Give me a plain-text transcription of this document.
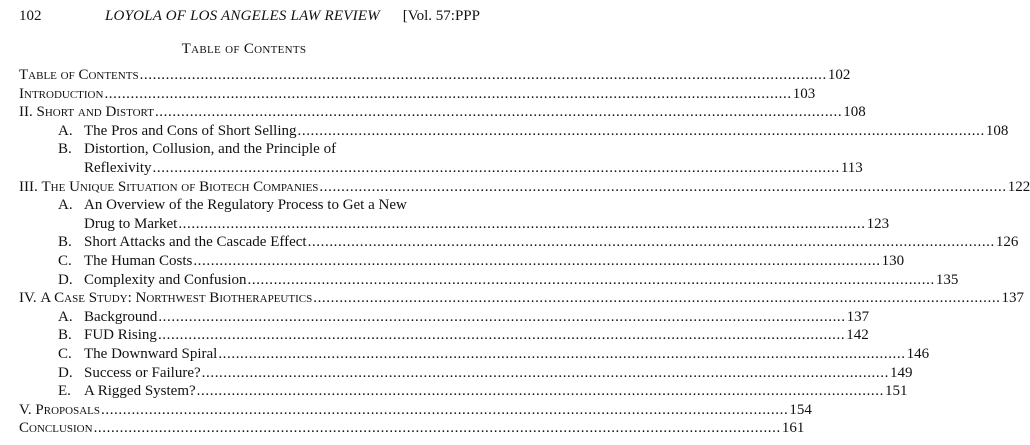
102	LOYOLA OF LOS ANGELES LAW REVIEW [Vol. 57:PPP
Table of Contents
Table of Contents .....	102
Introduction .....	103
II. Short and Distort .....	108
A. The Pros and Cons of Short Selling .....	108
B. Distortion, Collusion, and the Principle of
Reflexivity .....	113
III. The Unique Situation of Biotech Companies .....	122
A. An Overview of the Regulatory Process to Get a New
Drug to Market .....	123
B. Short Attacks and the Cascade Effect .....	126
C. The Human Costs .....	130
D. Complexity and Confusion .....	135
IV. A Case Study: Northwest Biotherapeutics .....	137
A. Background .....	137
B. FUD Rising .....	142
C. The Downward Spiral .....	146
D. Success or Failure? .....	149
E. A Rigged System? .....	151
V. Proposals .....	154
Conclusion .....	161
